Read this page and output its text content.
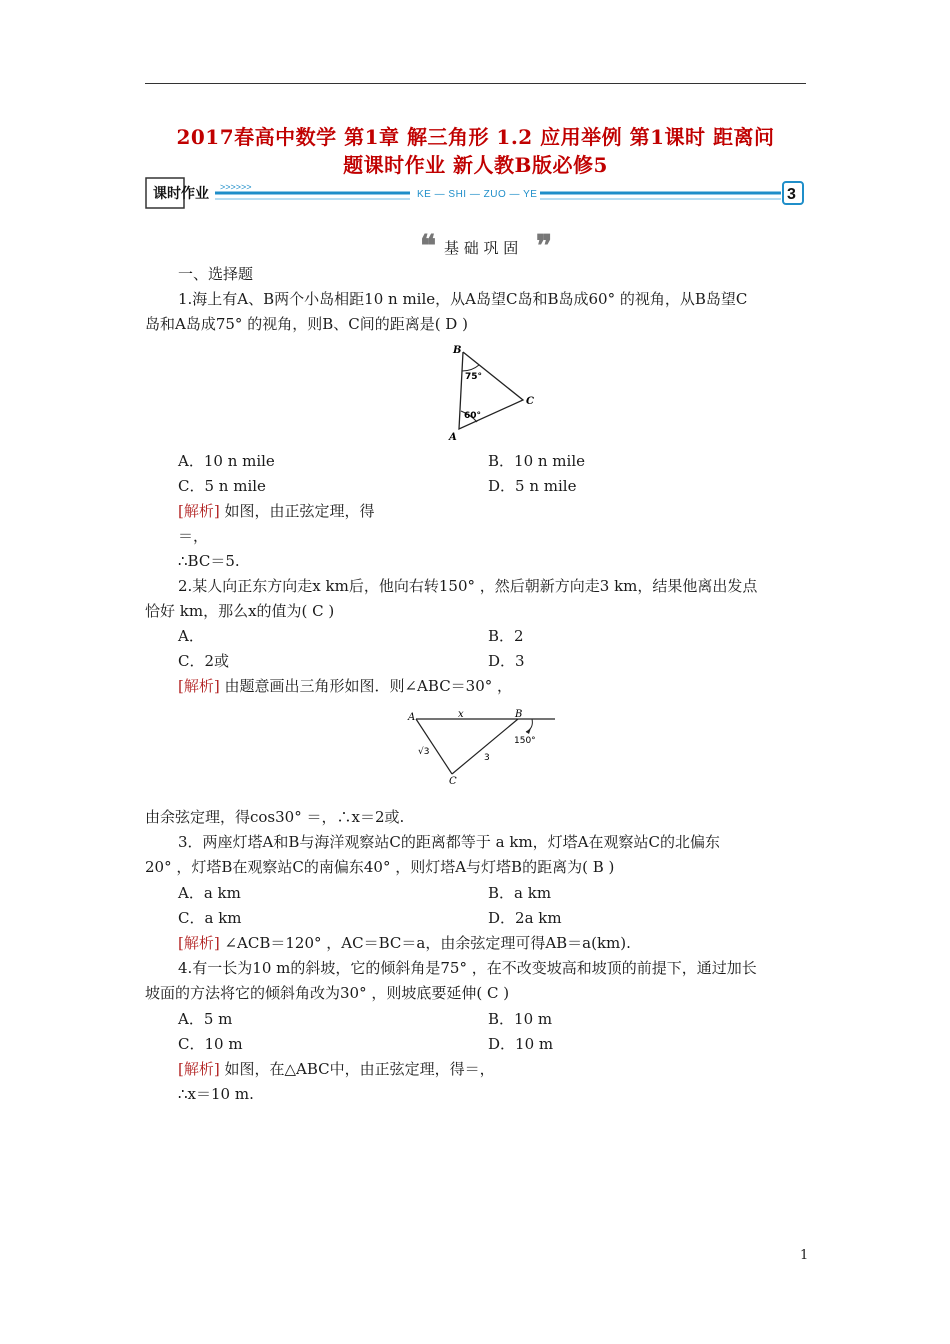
2017春高中数学 第1章 解三角形 1.2 应用举例 第1课时 距离问
题课时作业 新人教B版必修5
课时作业 >>>>>>
KE — SHI — ZUO — YE	3
❝ 基 础 巩 固 ❞
一、选择题
1.海上有A、B两个小岛相距10 n mile，从A岛望C岛和B岛成60° 的视角，从B岛望C
岛和A岛成75° 的视角，则B、C间的距离是( D )
B
A
C
75°
60°
A．10 n mile	B．10 n mile
C．5 n mile	D．5 n mile
[解析] 如图，由正弦定理，得
＝，
∴BC＝5.
2.某人向正东方向走x km后，他向右转150° ，然后朝新方向走3 km，结果他离出发点
恰好 km，那么x的值为( C )
A．	B．2
C．2或	D．3
[解析] 由题意画出三角形如图．则∠ABC＝30° ，
A	x	B
150°
√3
3
C
由余弦定理，得cos30° ＝，∴x＝2或.
3．两座灯塔A和B与海洋观察站C的距离都等于 a km，灯塔A在观察站C的北偏东
20° ，灯塔B在观察站C的南偏东40° ，则灯塔A与灯塔B的距离为( B )
A．a km	B．a km
C．a km	D．2a km
[解析] ∠ACB＝120° ，AC＝BC＝a，由余弦定理可得AB＝a(km).
4.有一长为10 m的斜坡，它的倾斜角是75° ，在不改变坡高和坡顶的前提下，通过加长
坡面的方法将它的倾斜角改为30° ，则坡底要延伸( C )
A．5 m	B．10 m
C．10 m	D．10 m
[解析] 如图，在△ABC中，由正弦定理，得＝，
∴x＝10 m.
1
